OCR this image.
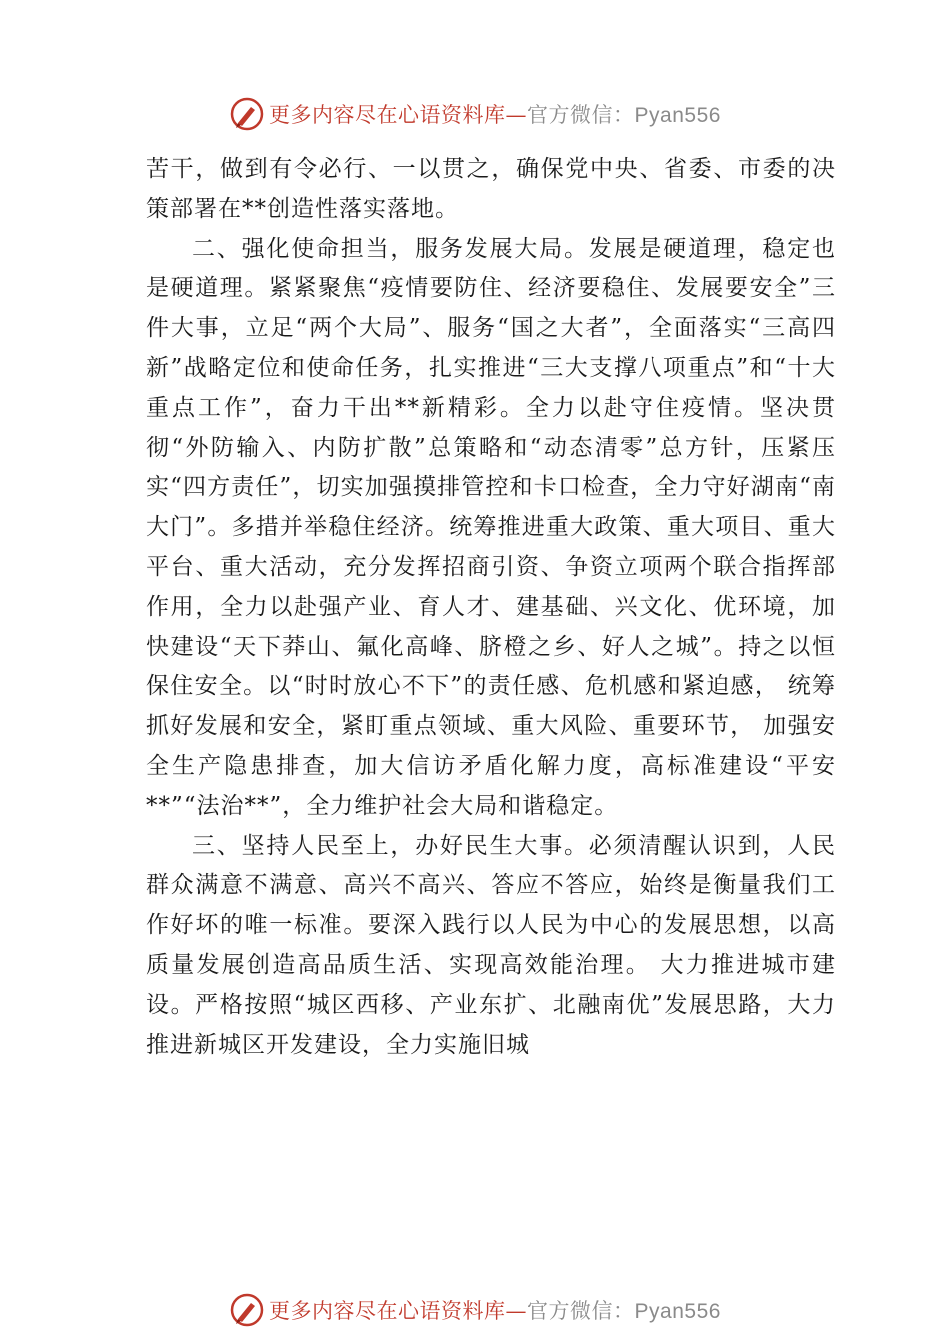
更多内容尽在心语资料库—官方微信：Pyan556

苦干，做到有令必行、一以贯之，确保党中央、省委、市委的决策部署在**创造性落实落地。

二、强化使命担当，服务发展大局。发展是硬道理，稳定也是硬道理。紧紧聚焦“疫情要防住、经济要稳住、发展要安全”三件大事，立足“两个大局”、服务“国之大者”，全面落实“三高四新”战略定位和使命任务，扎实推进“三大支撑八项重点”和“十大重点工作”，奋力干出**新精彩。全力以赴守住疫情。坚决贯彻“外防输入、内防扩散”总策略和“动态清零”总方针，压紧压实“四方责任”，切实加强摸排管控和卡口检查，全力守好湖南“南大门”。多措并举稳住经济。统筹推进重大政策、重大项目、重大平台、重大活动，充分发挥招商引资、争资立项两个联合指挥部作用，全力以赴强产业、育人才、建基础、兴文化、优环境，加快建设“天下莽山、氟化高峰、脐橙之乡、好人之城”。持之以恒保住安全。以“时时放心不下”的责任感、危机感和紧迫感， 统筹抓好发展和安全，紧盯重点领域、重大风险、重要环节， 加强安全生产隐患排查，加大信访矛盾化解力度，高标准建设“平安**”“法治**”，全力维护社会大局和谐稳定。

三、坚持人民至上，办好民生大事。必须清醒认识到，人民群众满意不满意、高兴不高兴、答应不答应，始终是衡量我们工作好坏的唯一标准。要深入践行以人民为中心的发展思想，以高质量发展创造高品质生活、实现高效能治理。 大力推进城市建设。严格按照“城区西移、产业东扩、北融南优”发展思路，大力推进新城区开发建设，全力实施旧城

更多内容尽在心语资料库—官方微信：Pyan556
